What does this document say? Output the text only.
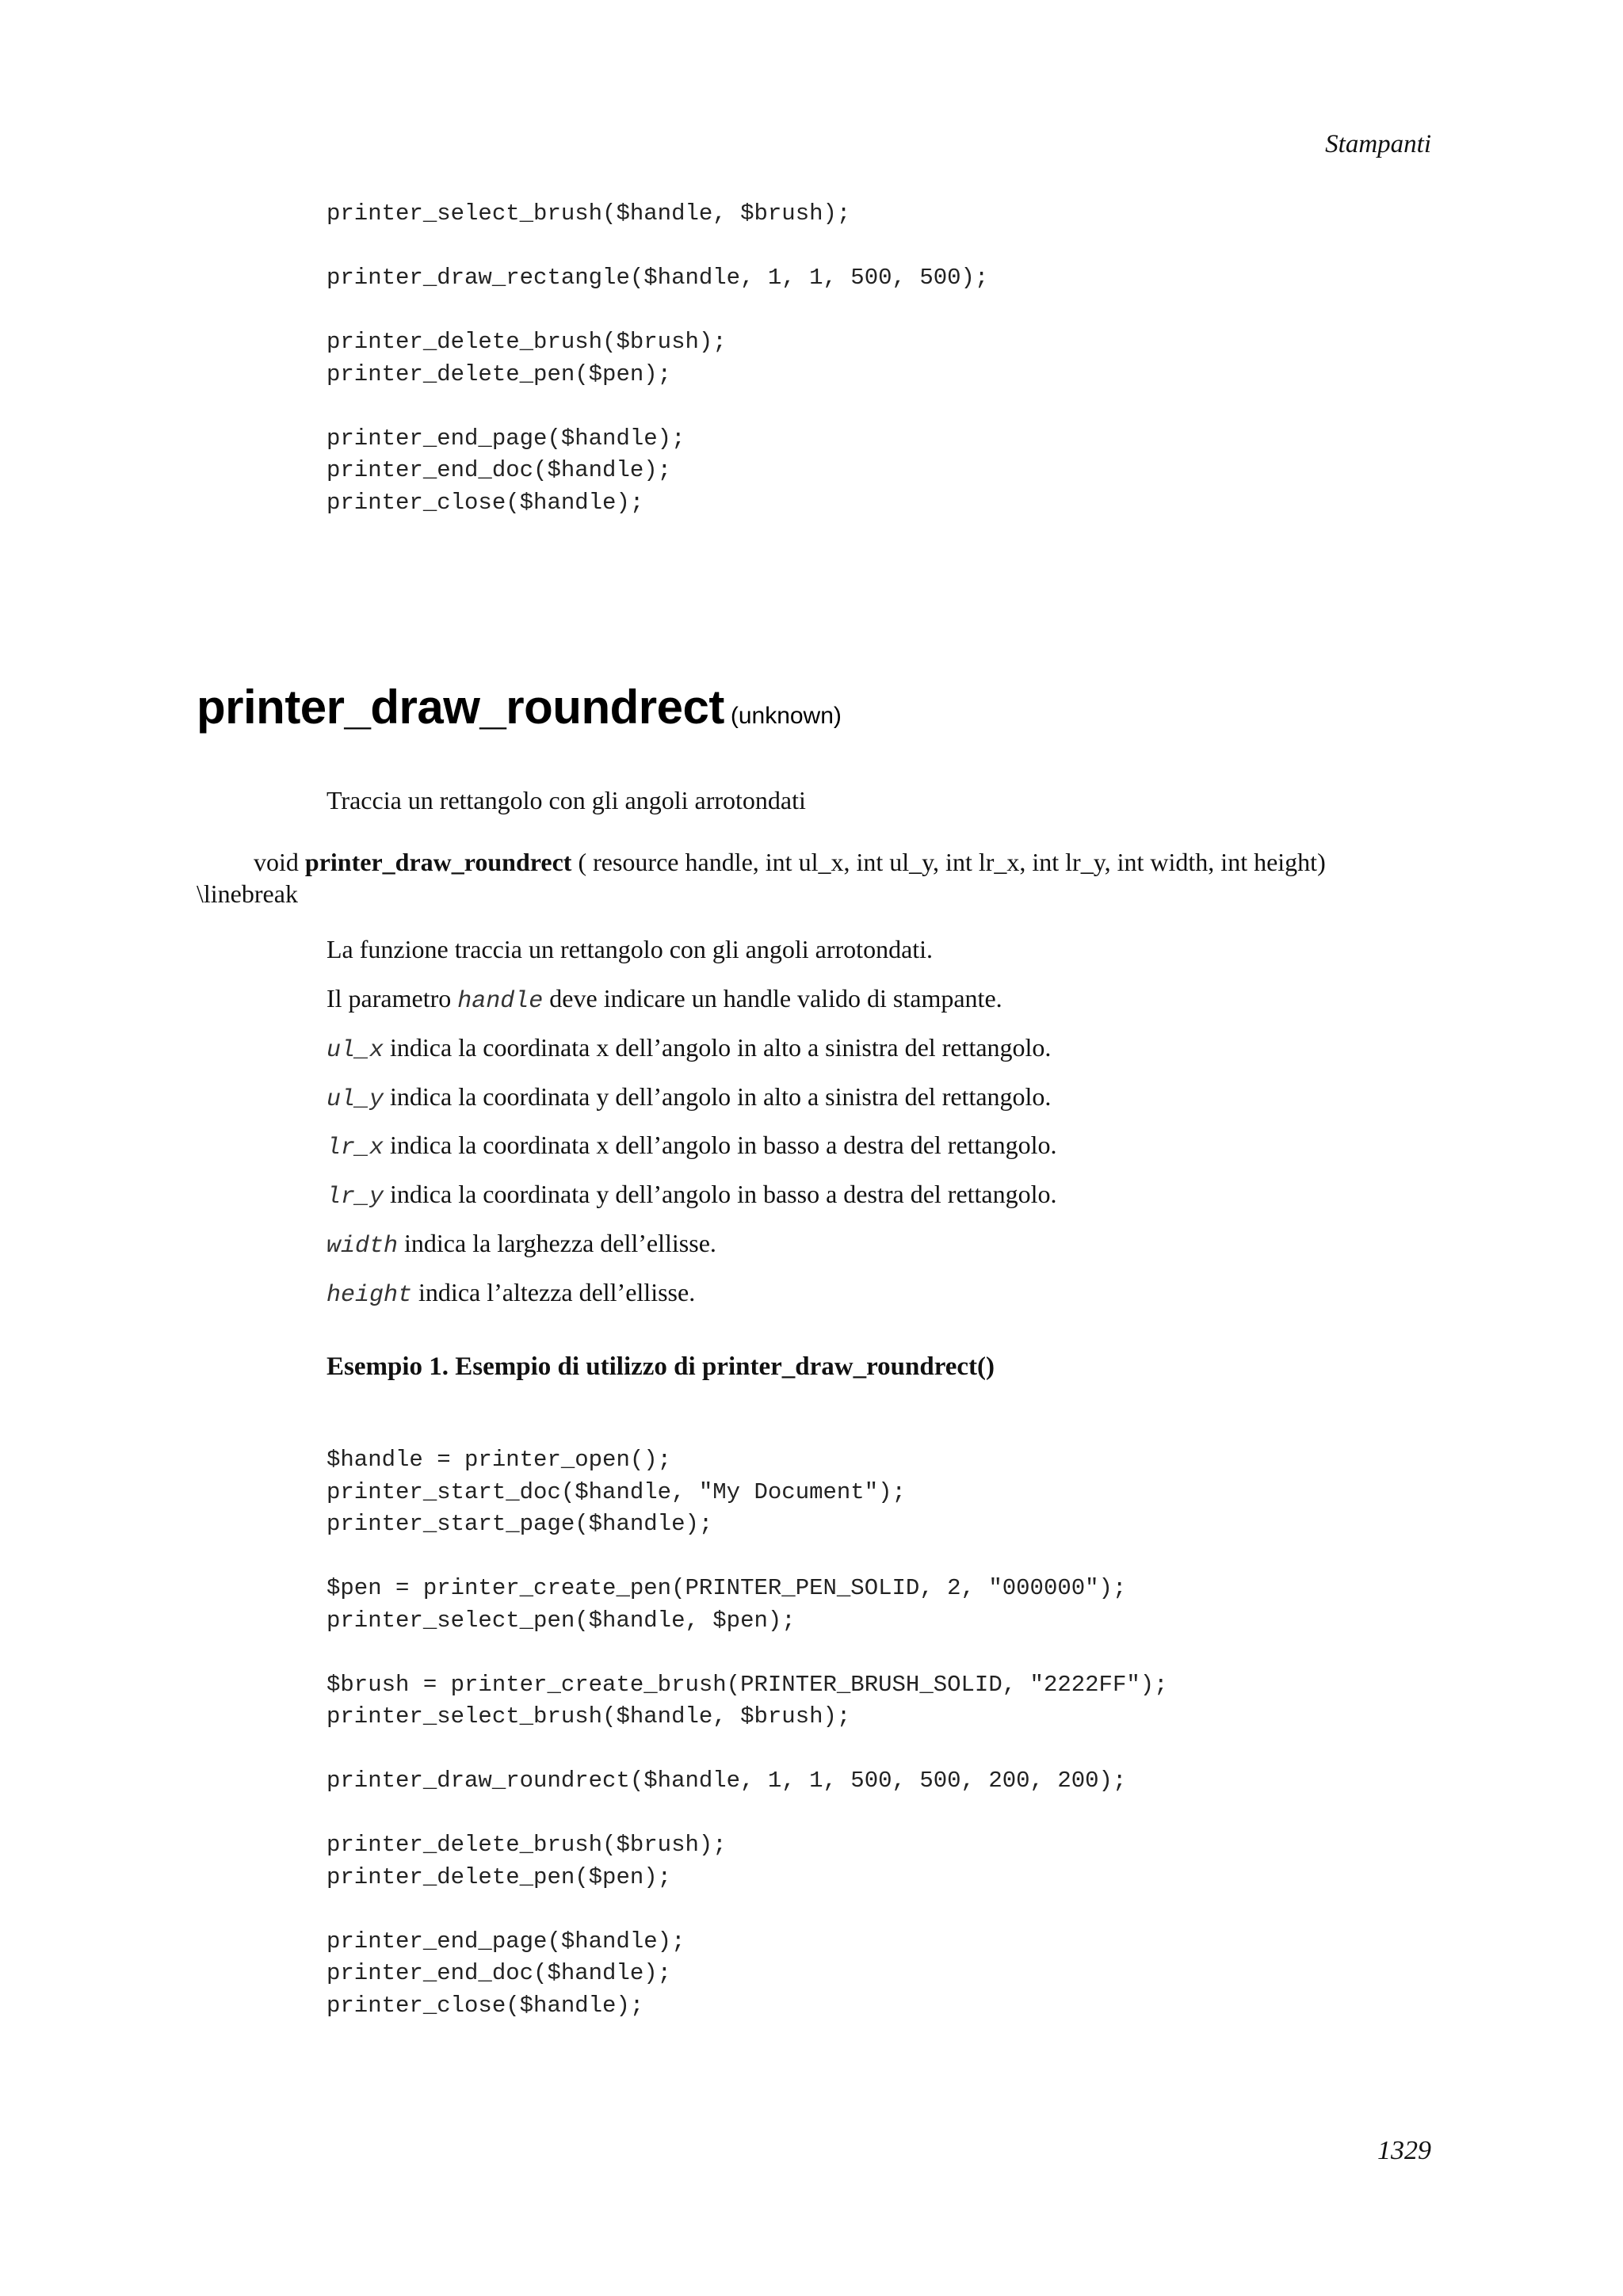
Stampanti
printer_select_brush($handle, $brush);
printer_draw_rectangle($handle, 1, 1, 500, 500);
printer_delete_brush($brush);
printer_delete_pen($pen);
printer_end_page($handle);
printer_end_doc($handle);
printer_close($handle);
printer_draw_roundrect (unknown)
Traccia un rettangolo con gli angoli arrotondati
void printer_draw_roundrect ( resource handle, int ul_x, int ul_y, int lr_x, int lr_y, int width, int height)
\linebreak
La funzione traccia un rettangolo con gli angoli arrotondati.
Il parametro handle deve indicare un handle valido di stampante.
ul_x indica la coordinata x dell’angolo in alto a sinistra del rettangolo.
ul_y indica la coordinata y dell’angolo in alto a sinistra del rettangolo.
lr_x indica la coordinata x dell’angolo in basso a destra del rettangolo.
lr_y indica la coordinata y dell’angolo in basso a destra del rettangolo.
width indica la larghezza dell’ellisse.
height indica l’altezza dell’ellisse.
Esempio 1. Esempio di utilizzo di printer_draw_roundrect()
$handle = printer_open();
printer_start_doc($handle, "My Document");
printer_start_page($handle);
$pen = printer_create_pen(PRINTER_PEN_SOLID, 2, "000000");
printer_select_pen($handle, $pen);
$brush = printer_create_brush(PRINTER_BRUSH_SOLID, "2222FF");
printer_select_brush($handle, $brush);
printer_draw_roundrect($handle, 1, 1, 500, 500, 200, 200);
printer_delete_brush($brush);
printer_delete_pen($pen);
printer_end_page($handle);
printer_end_doc($handle);
printer_close($handle);
1329
